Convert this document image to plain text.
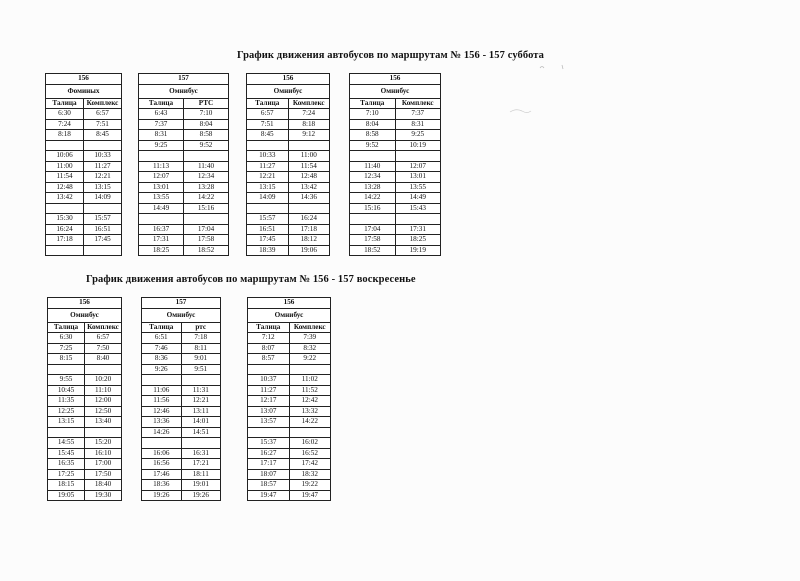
График движения автобусов по маршрутам № 156 - 157 суббота
156	
Фоминых	
Талица	Комплекс
6:30	6:57
7:24	7:51
8:18	8:45

10:06	10:33
11:00	11:27
11:54	12:21
12:48	13:15
13:42	14:09

15:30	15:57
16:24	16:51
17:18	17:45

157	
Омнибус	
Талица	РТС
6:43	7:10
7:37	8:04
8:31	8:58
9:25	9:52

11:13	11:40
12:07	12:34
13:01	13:28
13:55	14:22
14:49	15:16

16:37	17:04
17:31	17:58
18:25	18:52
156	
Омнибус	
Талица	Комплекс
6:57	7:24
7:51	8:18
8:45	9:12

10:33	11:00
11:27	11:54
12:21	12:48
13:15	13:42
14:09	14:36

15:57	16:24
16:51	17:18
17:45	18:12
18:39	19:06
156	
Омнибус	
Талица	Комплекс
7:10	7:37
8:04	8:31
8:58	9:25
9:52	10:19

11:40	12:07
12:34	13:01
13:28	13:55
14:22	14:49
15:16	15:43

17:04	17:31
17:58	18:25
18:52	19:19
График движения автобусов по маршрутам № 156 - 157 воскресенье
156	
Омнибус	
Талица	Комплекс
6:30	6:57
7:25	7:50
8:15	8:40

9:55	10:20
10:45	11:10
11:35	12:00
12:25	12:50
13:15	13:40

14:55	15:20
15:45	16:10
16:35	17:00
17:25	17:50
18:15	18:40
19:05	19:30
157	
Омнибус	
Талица	ртс
6:51	7:18
7:46	8:11
8:36	9:01
9:26	9:51

11:06	11:31
11:56	12:21
12:46	13:11
13:36	14:01
14:26	14:51

16:06	16:31
16:56	17:21
17:46	18:11
18:36	19:01
19:26	19:26
156	
Омнибус	
Талица	Комплекс
7:12	7:39
8:07	8:32
8:57	9:22

10:37	11:02
11:27	11:52
12:17	12:42
13:07	13:32
13:57	14:22

15:37	16:02
16:27	16:52
17:17	17:42
18:07	18:32
18:57	19:22
19:47	19:47
